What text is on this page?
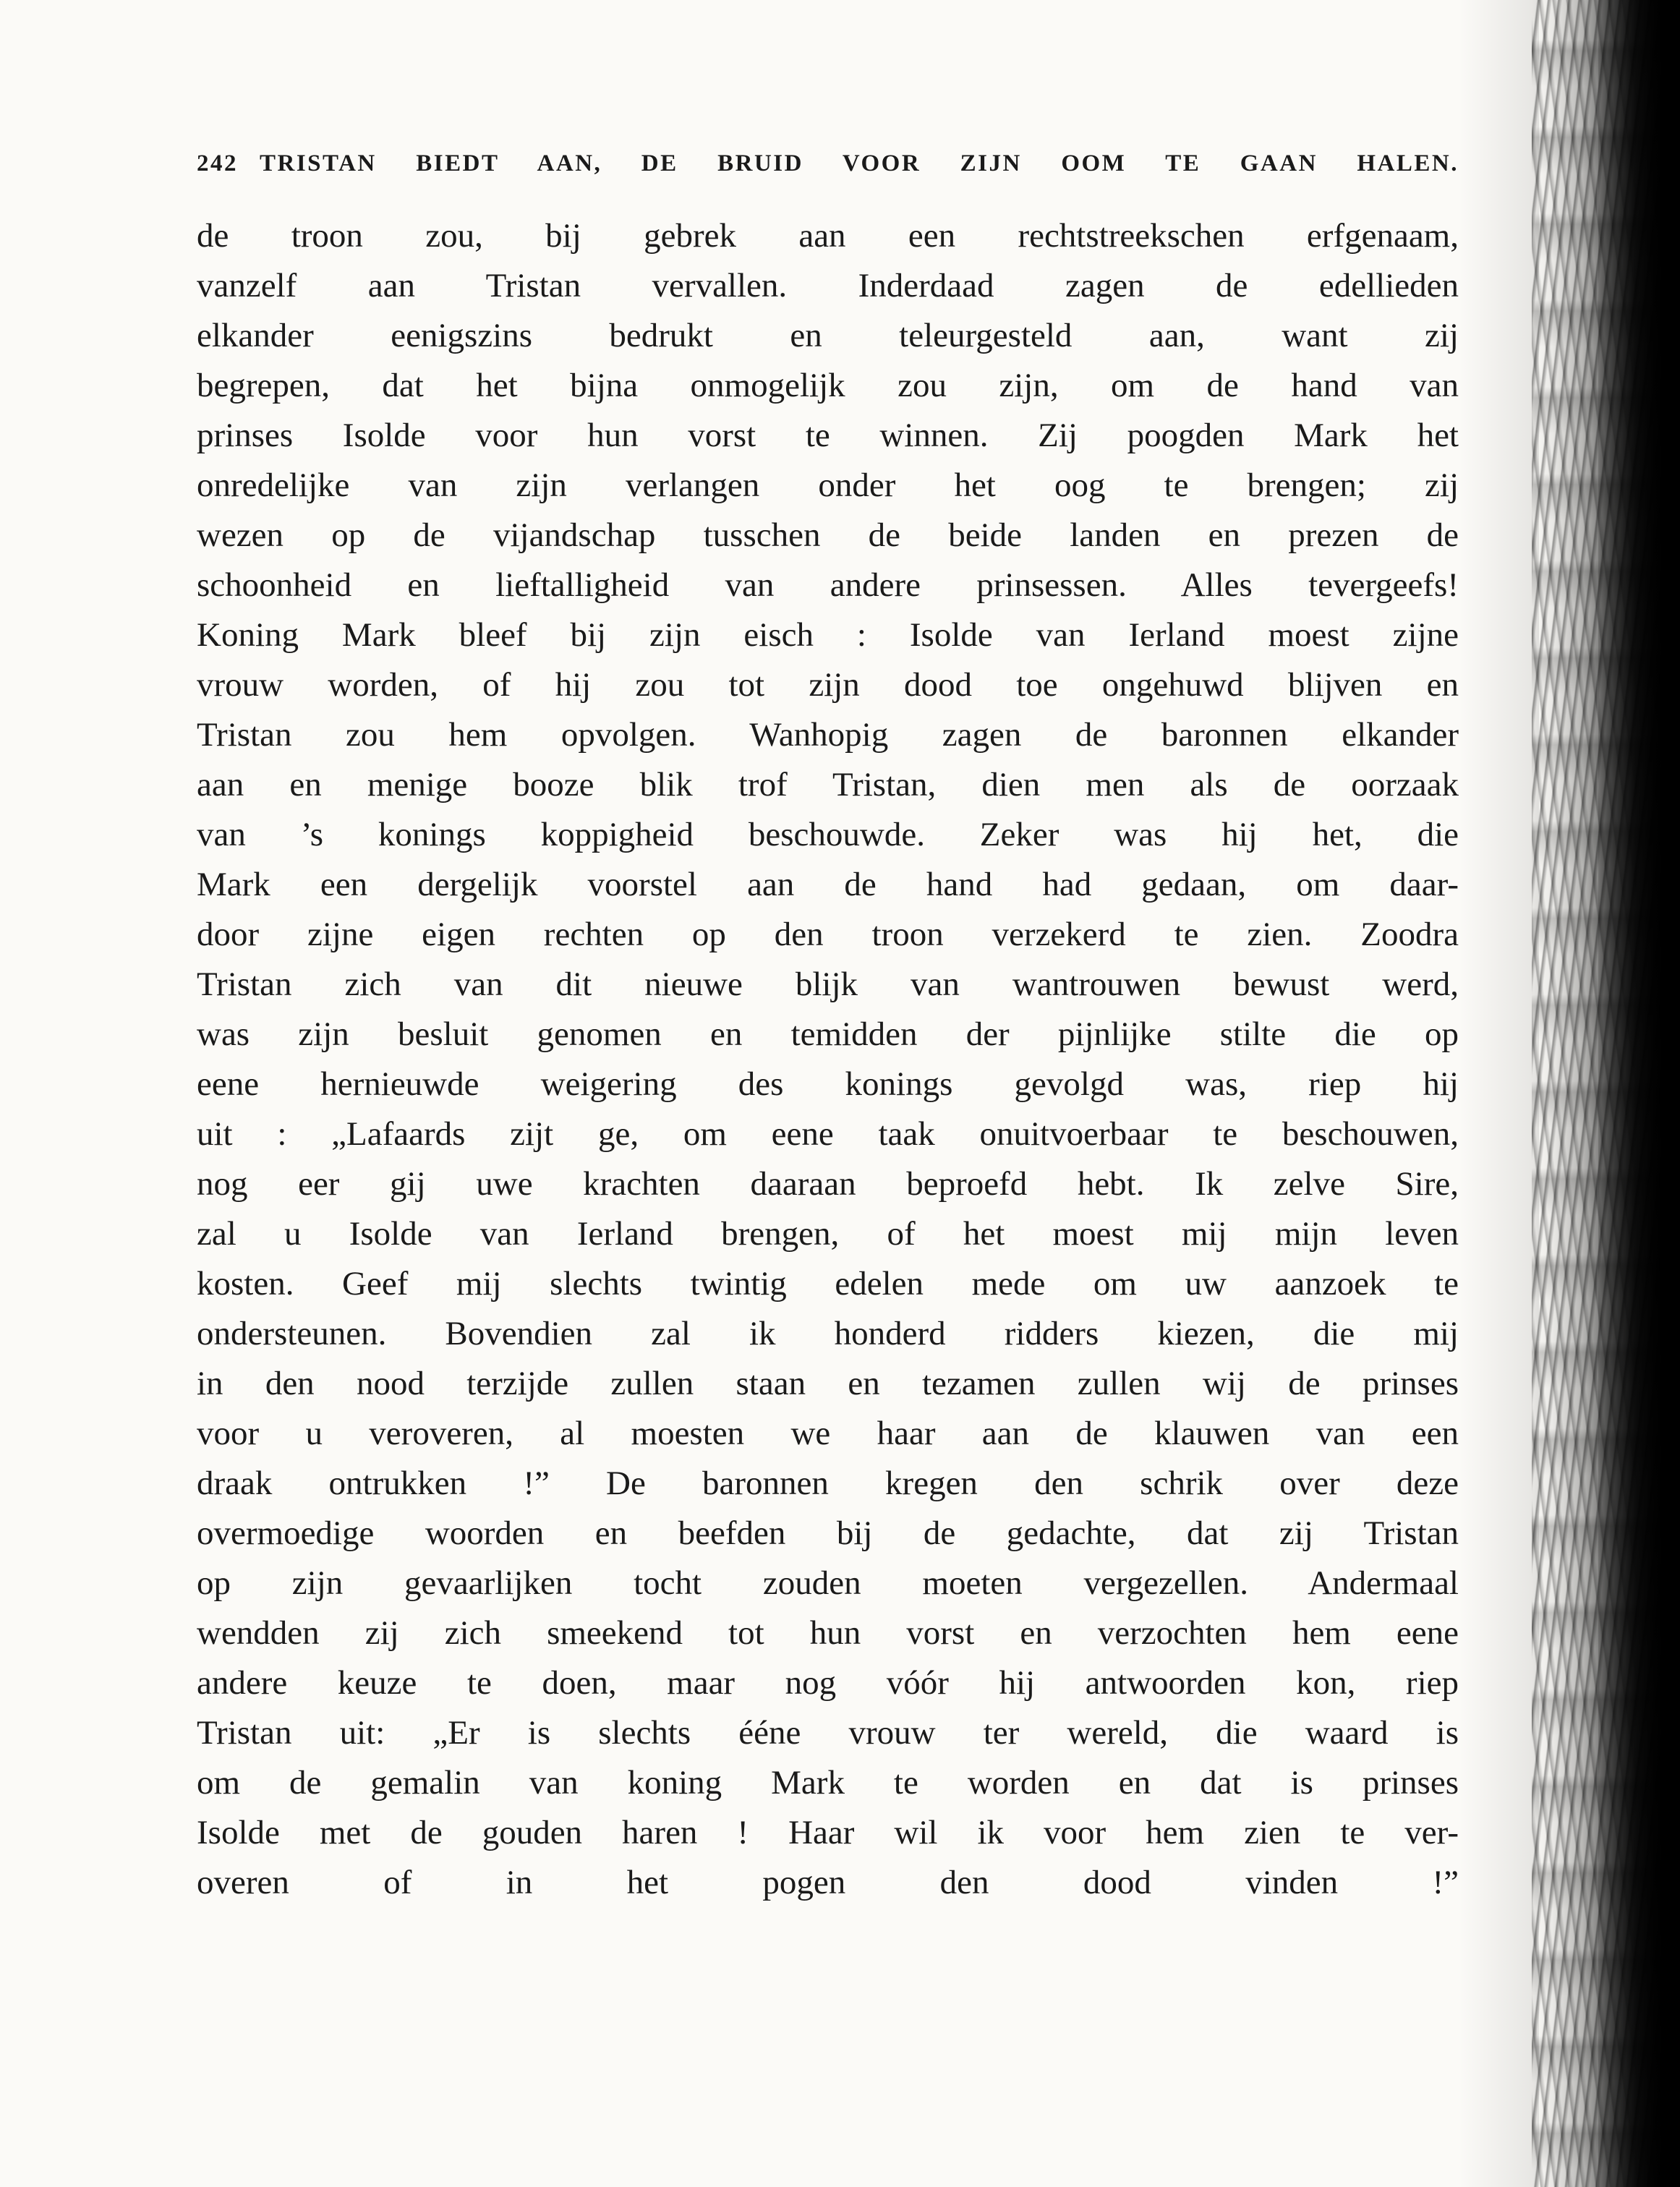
242 TRISTAN BIEDT AAN, DE BRUID VOOR ZIJN OOM TE GAAN HALEN.
de troon zou, bij gebrek aan een rechtstreekschen erfgenaam,
vanzelf aan Tristan vervallen. Inderdaad zagen de edellieden
elkander eenigszins bedrukt en teleurgesteld aan, want zij
begrepen, dat het bijna onmogelijk zou zijn, om de hand van
prinses Isolde voor hun vorst te winnen. Zij poogden Mark het
onredelijke van zijn verlangen onder het oog te brengen; zij
wezen op de vijandschap tusschen de beide landen en prezen de
schoonheid en lieftalligheid van andere prinsessen. Alles tevergeefs!
Koning Mark bleef bij zijn eisch : Isolde van Ierland moest zijne
vrouw worden, of hij zou tot zijn dood toe ongehuwd blijven en
Tristan zou hem opvolgen. Wanhopig zagen de baronnen elkander
aan en menige booze blik trof Tristan, dien men als de oorzaak
van ’s konings koppigheid beschouwde. Zeker was hij het, die
Mark een dergelijk voorstel aan de hand had gedaan, om daar-
door zijne eigen rechten op den troon verzekerd te zien. Zoodra
Tristan zich van dit nieuwe blijk van wantrouwen bewust werd,
was zijn besluit genomen en temidden der pijnlijke stilte die op
eene hernieuwde weigering des konings gevolgd was, riep hij
uit : „Lafaards zijt ge, om eene taak onuitvoerbaar te beschouwen,
nog eer gij uwe krachten daaraan beproefd hebt. Ik zelve Sire,
zal u Isolde van Ierland brengen, of het moest mij mijn leven
kosten. Geef mij slechts twintig edelen mede om uw aanzoek te
ondersteunen. Bovendien zal ik honderd ridders kiezen, die mij
in den nood terzijde zullen staan en tezamen zullen wij de prinses
voor u veroveren, al moesten we haar aan de klauwen van een
draak ontrukken !” De baronnen kregen den schrik over deze
overmoedige woorden en beefden bij de gedachte, dat zij Tristan
op zijn gevaarlijken tocht zouden moeten vergezellen. Andermaal
wendden zij zich smeekend tot hun vorst en verzochten hem eene
andere keuze te doen, maar nog vóór hij antwoorden kon, riep
Tristan uit: „Er is slechts ééne vrouw ter wereld, die waard is
om de gemalin van koning Mark te worden en dat is prinses
Isolde met de gouden haren ! Haar wil ik voor hem zien te ver-
overen of in het pogen den dood vinden !”
